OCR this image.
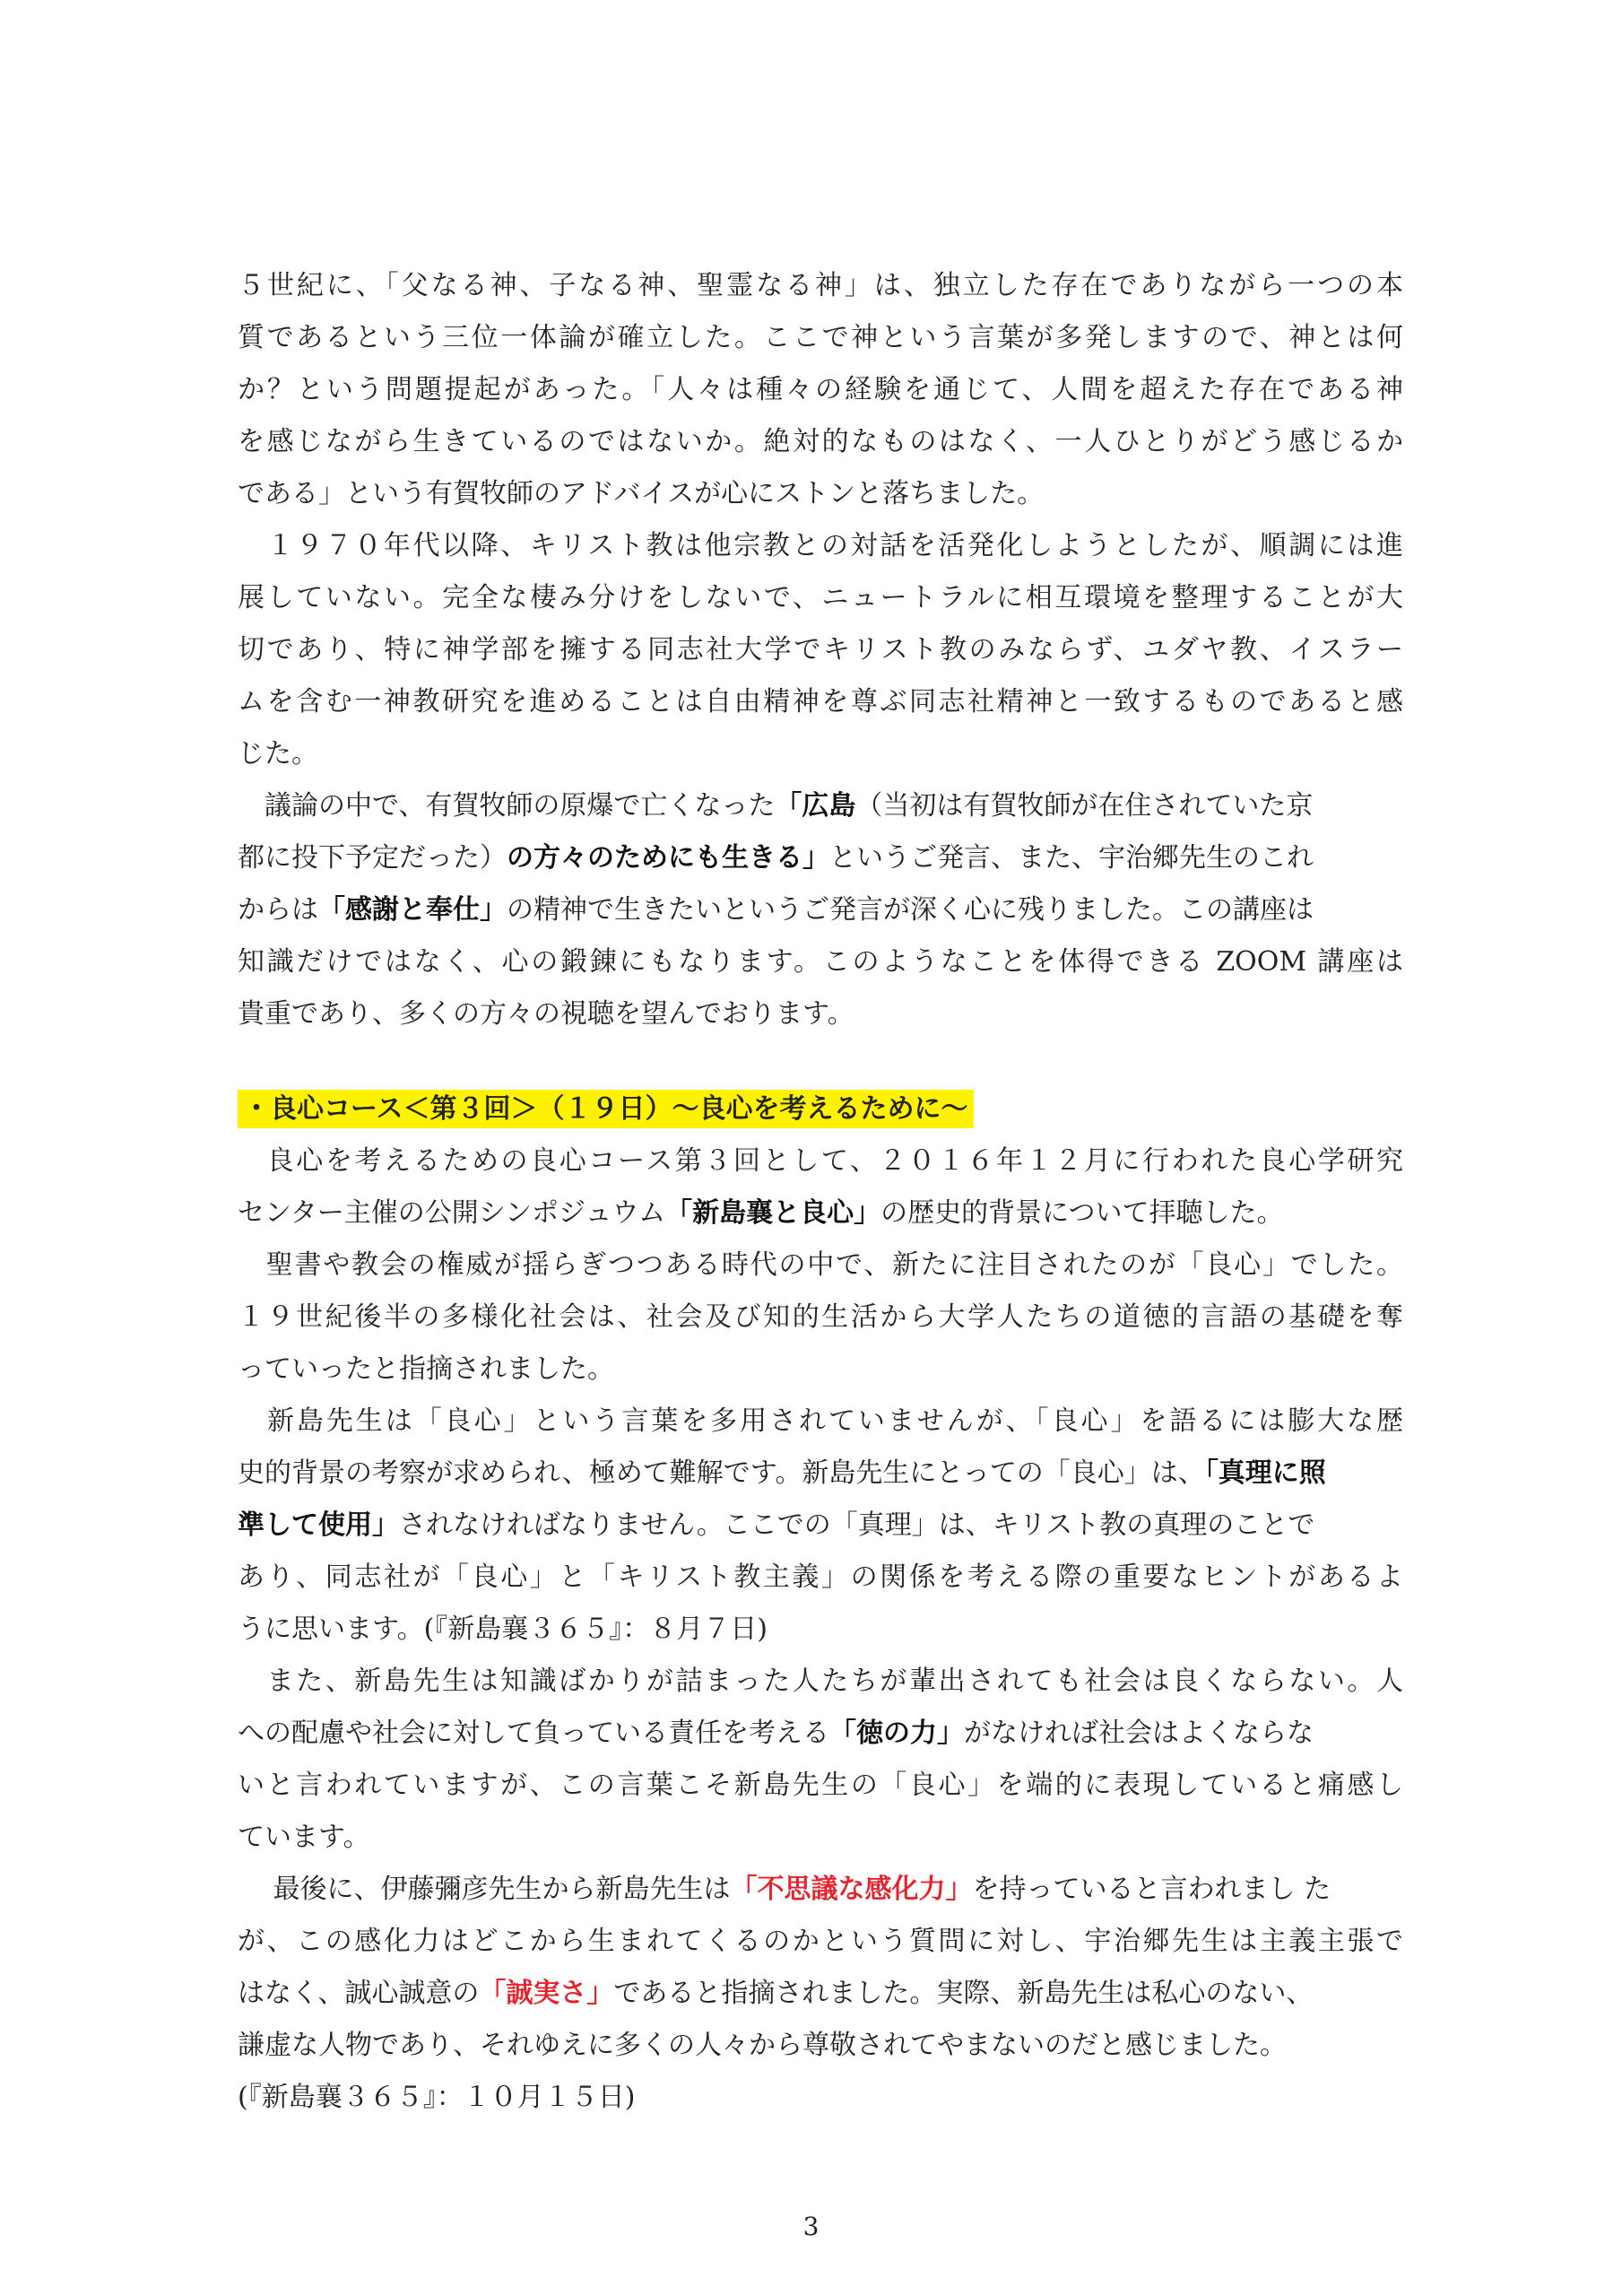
５世紀に、「父なる神、子なる神、聖霊なる神」は、独立した存在でありながら一つの本
質であるという三位一体論が確立した。ここで神という言葉が多発しますので、神とは何
か？という問題提起があった。「人々は種々の経験を通じて、人間を超えた存在である神
を感じながら生きているのではないか。絶対的なものはなく、一人ひとりがどう感じるか
である」という有賀牧師のアドバイスが心にストンと落ちました。
　１９７０年代以降、キリスト教は他宗教との対話を活発化しようとしたが、順調には進
展していない。完全な棲み分けをしないで、ニュートラルに相互環境を整理することが大
切であり、特に神学部を擁する同志社大学でキリスト教のみならず、ユダヤ教、イスラー
ムを含む一神教研究を進めることは自由精神を尊ぶ同志社精神と一致するものであると感
じた。
　議論の中で、有賀牧師の原爆で亡くなった「広島（当初は有賀牧師が在住されていた京
都に投下予定だった）の方々のためにも生きる」というご発言、また、宇治郷先生のこれ
からは「感謝と奉仕」の精神で生きたいというご発言が深く心に残りました。この講座は
知識だけではなく、心の鍛錬にもなります。このようなことを体得できる ZOOM 講座は
貴重であり、多くの方々の視聴を望んでおります。
・良心コース＜第３回＞（１９日）～良心を考えるために～
　良心を考えるための良心コース第３回として、２０１６年１２月に行われた良心学研究
センター主催の公開シンポジュウム「新島襄と良心」の歴史的背景について拝聴した。
　聖書や教会の権威が揺らぎつつある時代の中で、新たに注目されたのが「良心」でした。
１９世紀後半の多様化社会は、社会及び知的生活から大学人たちの道徳的言語の基礎を奪
っていったと指摘されました。
　新島先生は「良心」という言葉を多用されていませんが、「良心」を語るには膨大な歴
史的背景の考察が求められ、極めて難解です。新島先生にとっての「良心」は、「真理に照
準して使用」されなければなりません。ここでの「真理」は、キリスト教の真理のことで
あり、同志社が「良心」と「キリスト教主義」の関係を考える際の重要なヒントがあるよ
うに思います。(『新島襄３６５』：８月７日)
　また、新島先生は知識ばかりが詰まった人たちが輩出されても社会は良くならない。人
への配慮や社会に対して負っている責任を考える「徳の力」がなければ社会はよくならな
いと言われていますが、この言葉こそ新島先生の「良心」を端的に表現していると痛感し
ています。
　 最後に、伊藤彌彦先生から新島先生は「不思議な感化力」を持っていると言われまし た
が、この感化力はどこから生まれてくるのかという質問に対し、宇治郷先生は主義主張で
はなく、誠心誠意の「誠実さ」であると指摘されました。実際、新島先生は私心のない、
謙虚な人物であり、それゆえに多くの人々から尊敬されてやまないのだと感じました。
(『新島襄３６５』：１０月１５日)
3
